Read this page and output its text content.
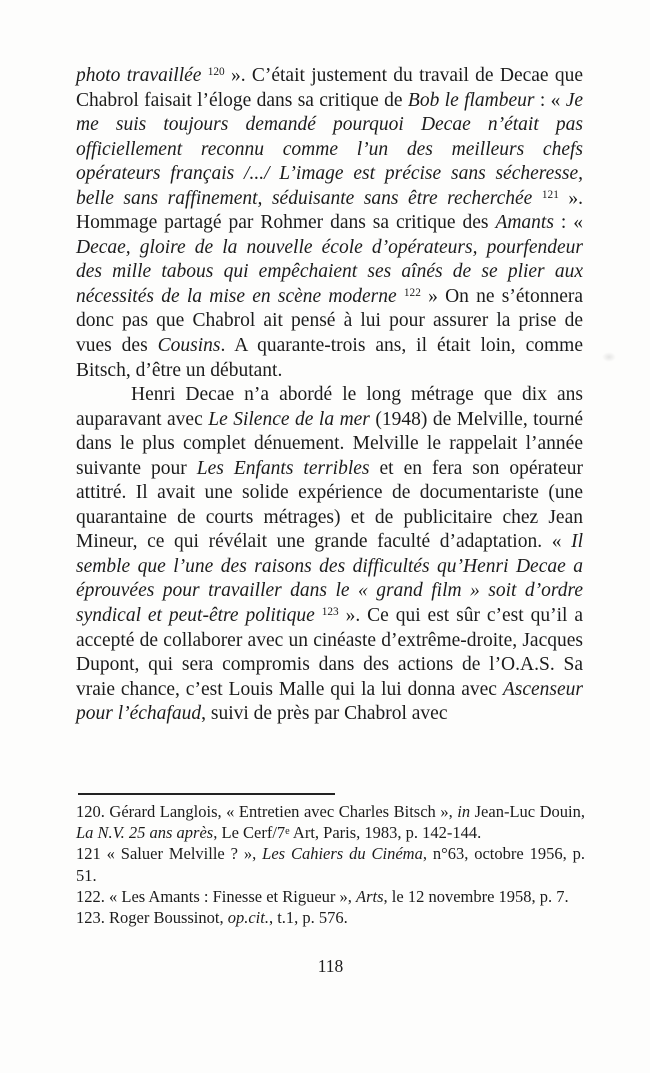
photo travaillée $^{120}$ ». C’était justement du travail de Decae que Chabrol faisait l’éloge dans sa critique de Bob le flambeur : « Je me suis toujours demandé pourquoi Decae n’était pas officiellement reconnu comme l’un des meilleurs chefs opérateurs français /.../ L’image est précise sans sécheresse, belle sans raffinement, séduisante sans être recherchée $^{121}$ ». Hommage partagé par Rohmer dans sa critique des Amants : « Decae, gloire de la nouvelle école d’opérateurs, pourfendeur des mille tabous qui empêchaient ses aînés de se plier aux nécessités de la mise en scène moderne $^{122}$ » On ne s’étonnera donc pas que Chabrol ait pensé à lui pour assurer la prise de vues des Cousins. A quarante-trois ans, il était loin, comme Bitsch, d’être un débutant.

Henri Decae n’a abordé le long métrage que dix ans auparavant avec Le Silence de la mer (1948) de Melville, tourné dans le plus complet dénuement. Melville le rappelait l’année suivante pour Les Enfants terribles et en fera son opérateur attitré. Il avait une solide expérience de documentariste (une quarantaine de courts métrages) et de publicitaire chez Jean Mineur, ce qui révélait une grande faculté d’adaptation. « Il semble que l’une des raisons des difficultés qu’Henri Decae a éprouvées pour travailler dans le « grand film » soit d’ordre syndical et peut-être politique $^{123}$ ». Ce qui est sûr c’est qu’il a accepté de collaborer avec un cinéaste d’extrême-droite, Jacques Dupont, qui sera compromis dans des actions de l’O.A.S. Sa vraie chance, c’est Louis Malle qui la lui donna avec Ascenseur pour l’échafaud, suivi de près par Chabrol avec

120. Gérard Langlois, « Entretien avec Charles Bitsch », in Jean-Luc Douin, La N.V. 25 ans après, Le Cerf/7e Art, Paris, 1983, p. 142-144.

121 « Saluer Melville ? », Les Cahiers du Cinéma, n°63, octobre 1956, p. 51.

122. « Les Amants : Finesse et Rigueur », Arts, le 12 novembre 1958, p. 7.

123. Roger Boussinot, op.cit., t.1, p. 576.

118
